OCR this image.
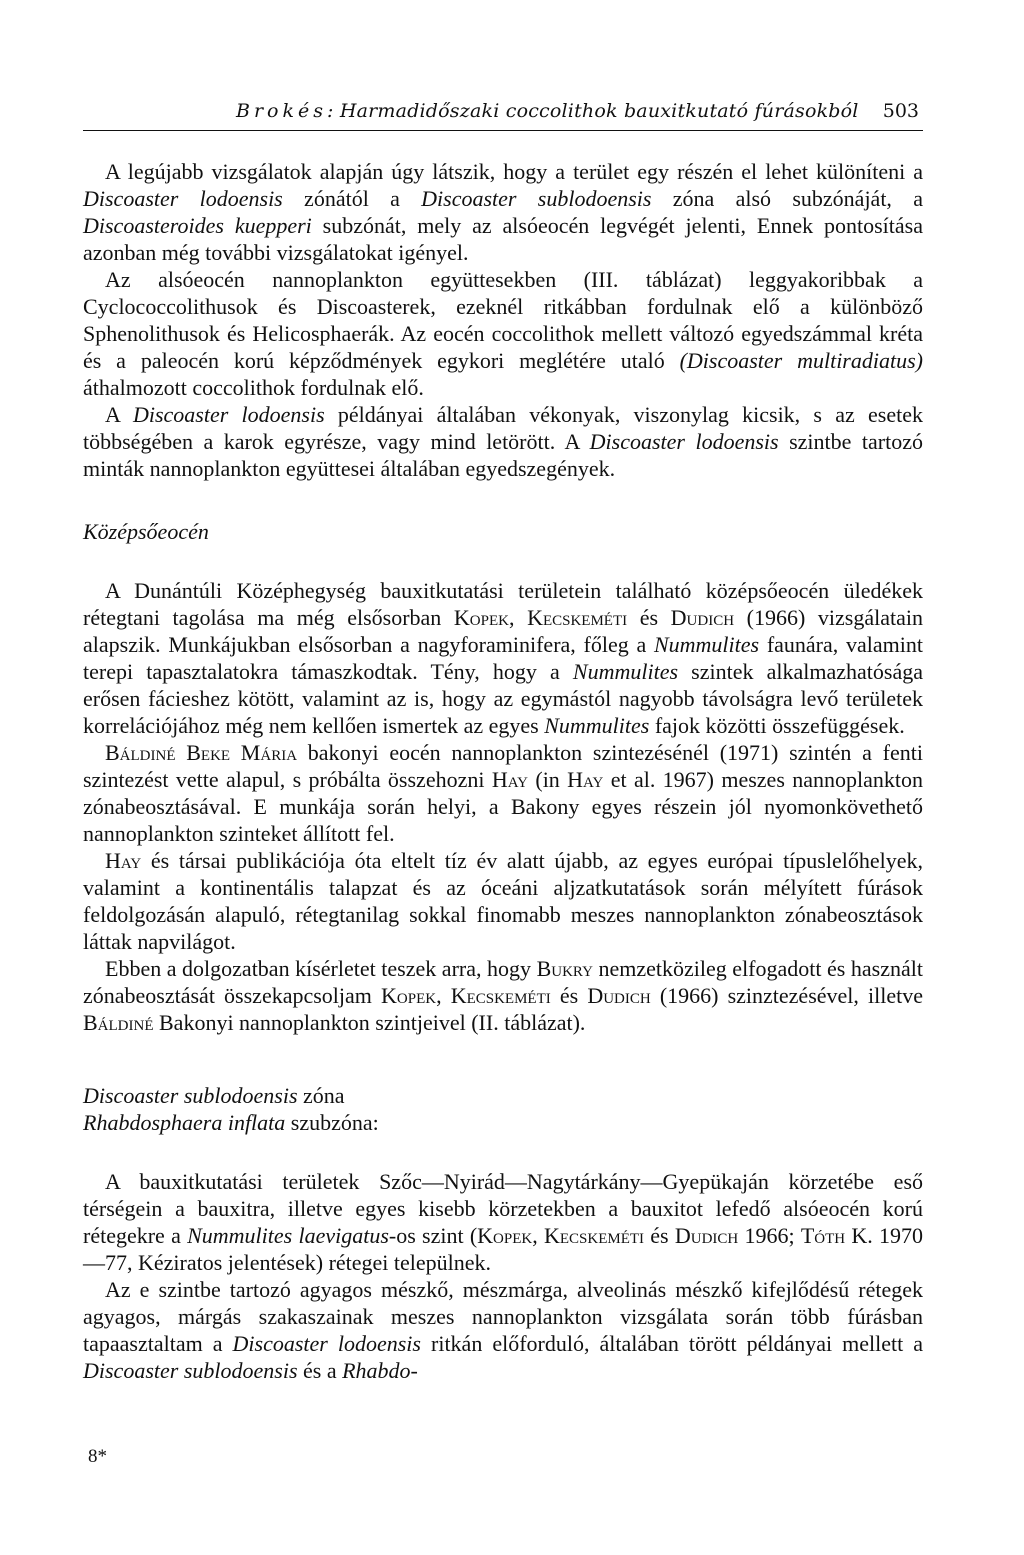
Brokés: Harmadidőszaki coccolithok bauxitkutató fúrásokból 503

A legújabb vizsgálatok alapján úgy látszik, hogy a terület egy részén el lehet különíteni a Discoaster lodoensis zónától a Discoaster sublodoensis zóna alsó subzónáját, a Discoasteroides kuepperi subzónát, mely az alsóeocén legvégét jelenti, Ennek pontosítása azonban még további vizsgálatokat igényel.

Az alsóeocén nannoplankton együttesekben (III. táblázat) leggyakoribbak a Cyclococcolithusok és Discoasterek, ezeknél ritkábban fordulnak elő a különböző Sphenolithusok és Helicosphaerák. Az eocén coccolithok mellett változó egyedszámmal kréta és a paleocén korú képződmények egykori meglétére utaló (Discoaster multiradiatus) áthalmozott coccolithok fordulnak elő.

A Discoaster lodoensis példányai általában vékonyak, viszonylag kicsik, s az esetek többségében a karok egyrésze, vagy mind letörött. A Discoaster lodoensis szintbe tartozó minták nannoplankton együttesei általában egyedszegények.

Középsőeocén

A Dunántúli Középhegység bauxitkutatási területein található középsőeocén üledékek rétegtani tagolása ma még elsősorban Kopek, Kecskeméti és Dudich (1966) vizsgálatain alapszik. Munkájukban elsősorban a nagyforaminifera, főleg a Nummulites faunára, valamint terepi tapasztalatokra támaszkodtak. Tény, hogy a Nummulites szintek alkalmazhatósága erősen fácieshez kötött, valamint az is, hogy az egymástól nagyobb távolságra levő területek korrelációjához még nem kellően ismertek az egyes Nummulites fajok közötti összefüggések.

Báldiné Beke Mária bakonyi eocén nannoplankton szintezésénél (1971) szintén a fenti szintezést vette alapul, s próbálta összehozni Hay (in Hay et al. 1967) meszes nannoplankton zónabeosztásával. E munkája során helyi, a Bakony egyes részein jól nyomonkövethető nannoplankton szinteket állított fel.

Hay és társai publikációja óta eltelt tíz év alatt újabb, az egyes európai típuslelőhelyek, valamint a kontinentális talapzat és az óceáni aljzatkutatások során mélyített fúrások feldolgozásán alapuló, rétegtanilag sokkal finomabb meszes nannoplankton zónabeosztások láttak napvilágot.

Ebben a dolgozatban kísérletet teszek arra, hogy Bukry nemzetközileg elfogadott és használt zónabeosztását összekapcsoljam Kopek, Kecskeméti és Dudich (1966) szinztezésével, illetve Báldiné Bakonyi nannoplankton szintjeivel (II. táblázat).

Discoaster sublodoensis zóna

Rhabdosphaera inflata szubzóna:

A bauxitkutatási területek Szőc—Nyirád—Nagytárkány—Gyepükaján körzetébe eső térségein a bauxitra, illetve egyes kisebb körzetekben a bauxitot lefedő alsóeocén korú rétegekre a Nummulites laevigatus-os szint (Kopek, Kecskeméti és Dudich 1966; Tóth K. 1970—77, Kéziratos jelentések) rétegei települnek.

Az e szintbe tartozó agyagos mészkő, mészmárga, alveolinás mészkő kifejlődésű rétegek agyagos, márgás szakaszainak meszes nannoplankton vizsgálata során több fúrásban tapaasztaltam a Discoaster lodoensis ritkán előforduló, általában törött példányai mellett a Discoaster sublodoensis és a Rhabdo-

8*
